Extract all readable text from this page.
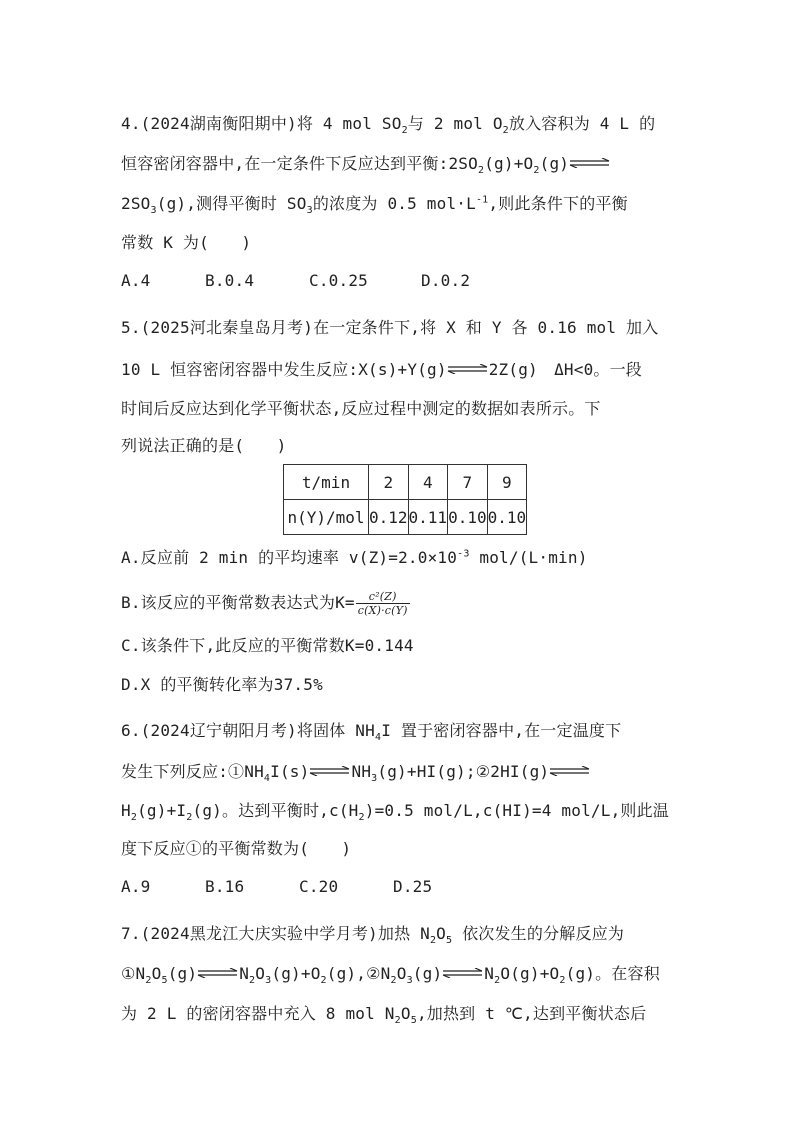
4.(2024湖南衡阳期中)将 4 mol $SO_2$与 2 mol $O_2$放入容积为 4 L 的
恒容密闭容器中,在一定条件下反应达到平衡$:2SO_2(g)+O_2(g)$
$2SO_3(g)$,测得平衡时 $SO_3$的浓度为 0.5 $mol\cdot L^{-1}$,则此条件下的平衡
常数 K 为(　　)
A.4	B.0.4	C.0.25	D.0.2
5.(2025河北秦皇岛月考)在一定条件下,将 X 和 Y 各 0.16 mol 加入
10 L 恒容密闭容器中发生反应:X(s)+Y(g)	2Z(g)　ΔH<0。一段
时间后反应达到化学平衡状态,反应过程中测定的数据如表所示。下
列说法正确的是(　　)
t/min	2	4	7	9
n(Y)/mol	0.12	0.11	0.10	0.10
A.反应前 2 min 的平均速率 $v(Z)=2.0\times 10^{-3}$ mol/(L·min)
B.该反应的平衡常数表达式为$K= \frac{\text{c²(Z)}}{c(X)\cdot c(Y)}$
C.该条件下,此反应的平衡常数K=0.144
D.X 的平衡转化率为37.5%
6.(2024辽宁朝阳月考)将固体 $NH_4I$ 置于密闭容器中,在一定温度下
发生下列反应$:①NH_4I(s)$	$NH_3(g)+HI(g);②2HI(g)$
$H_2(g)+I_2(g)$。达到平衡时$,c(H_2)=0.5$ mol/L,c(HI)=4 mol/L,则此温
度下反应①的平衡常数为(　　)
A.9	B.16	C.20	D.25
7.(2024黑龙江大庆实验中学月考)加热 $N_2O_5$ 依次发生的分解反应为
$①N_2O_5(g)$	$N_2O_3(g)+O_2(g),②N_2O_3(g)$	$N_2O(g)+O_2(g)$。在容积
为 2 L 的密闭容器中充入 8 mol $N_2O_5$,加热到 t ℃,达到平衡状态后
